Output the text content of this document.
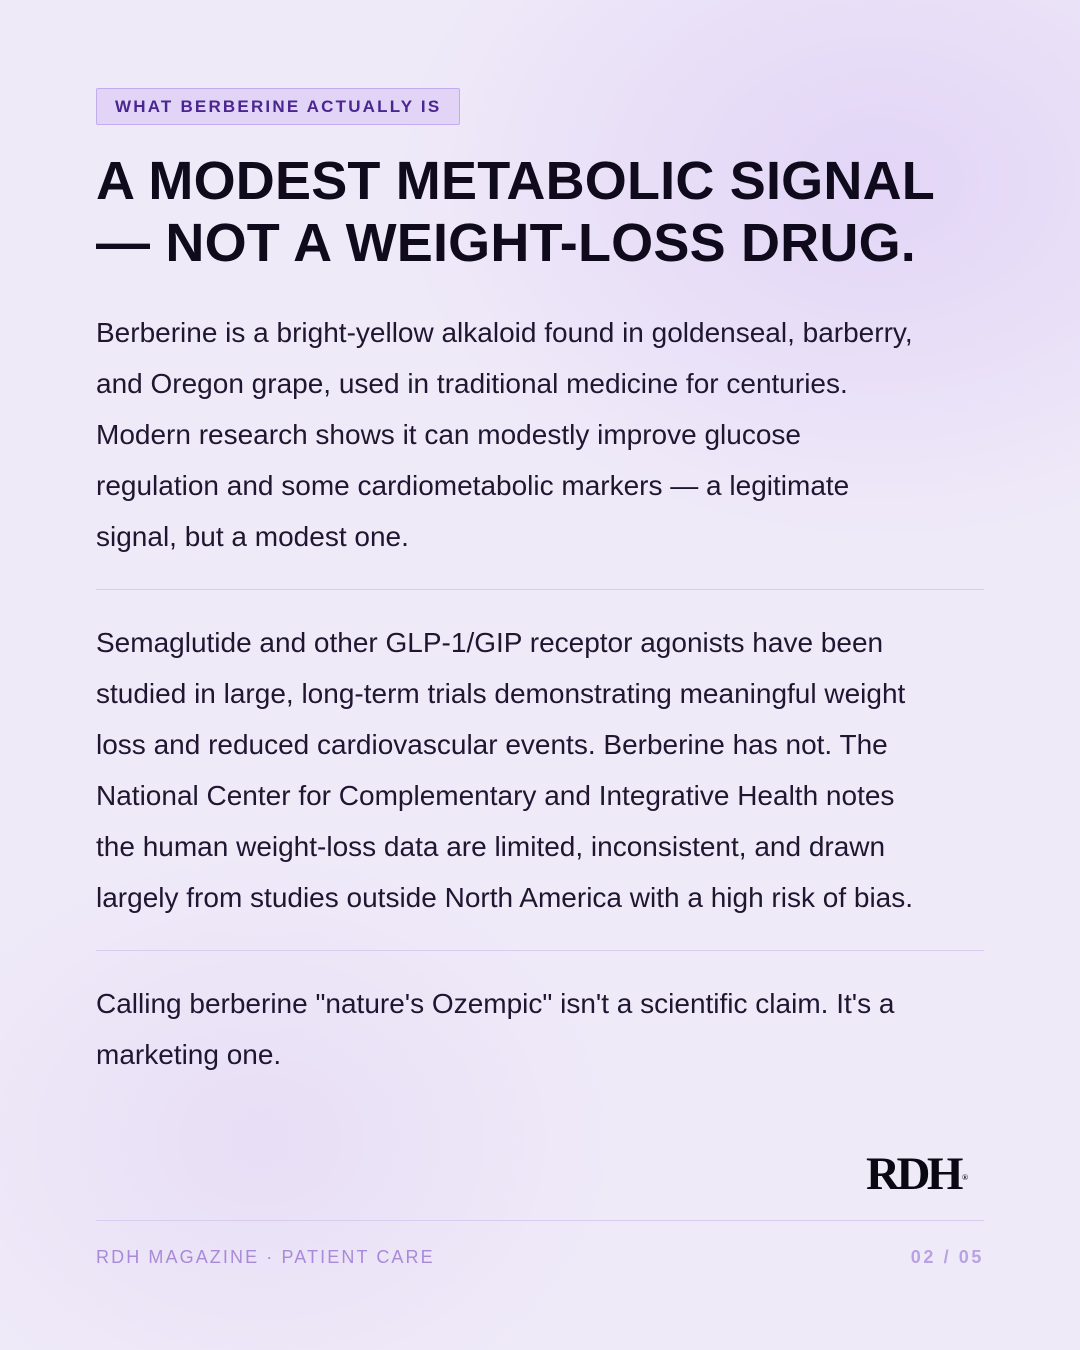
WHAT BERBERINE ACTUALLY IS
A MODEST METABOLIC SIGNAL
— NOT A WEIGHT-LOSS DRUG.

Berberine is a bright-yellow alkaloid found in goldenseal, barberry,
and Oregon grape, used in traditional medicine for centuries.
Modern research shows it can modestly improve glucose
regulation and some cardiometabolic markers — a legitimate
signal, but a modest one.

Semaglutide and other GLP-1/GIP receptor agonists have been
studied in large, long-term trials demonstrating meaningful weight
loss and reduced cardiovascular events. Berberine has not. The
National Center for Complementary and Integrative Health notes
the human weight-loss data are limited, inconsistent, and drawn
largely from studies outside North America with a high risk of bias.

Calling berberine "nature's Ozempic" isn't a scientific claim. It's a
marketing one.

RDH ®
RDH MAGAZINE · PATIENT CARE	02 / 05
